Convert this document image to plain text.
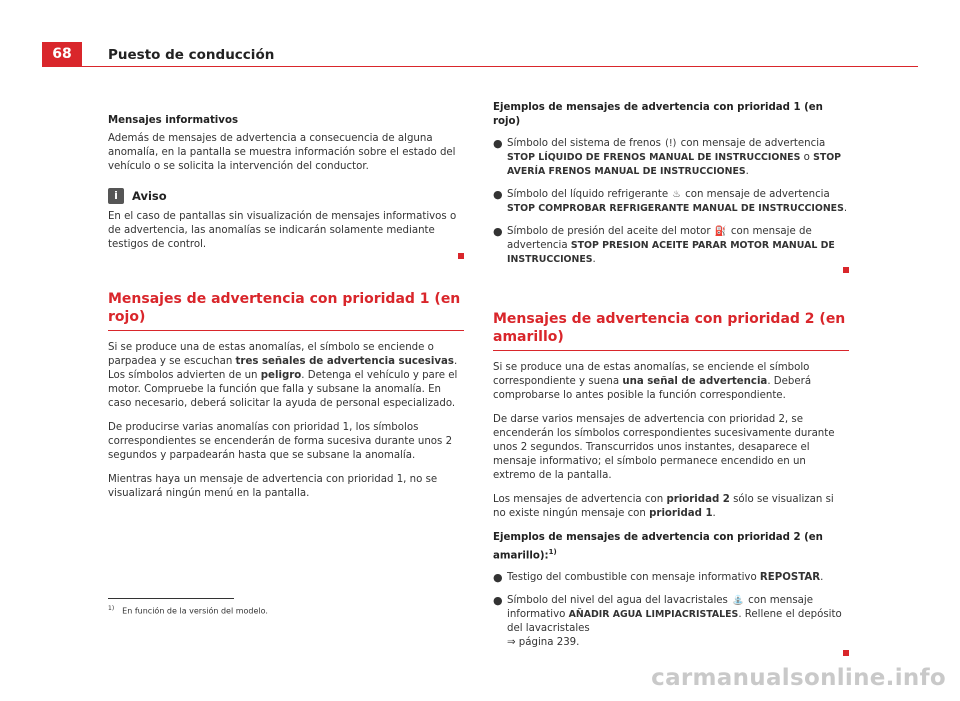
68	Puesto de conducción
Mensajes informativos

Además de mensajes de advertencia a consecuencia de alguna anomalía, en la pantalla se muestra información sobre el estado del vehículo o se solicita la intervención del conductor.

i	Aviso

En el caso de pantallas sin visualización de mensajes informativos o de advertencia, las anomalías se indicarán solamente mediante testigos de control.

Mensajes de advertencia con prioridad 1 (en rojo)

Si se produce una de estas anomalías, el símbolo se enciende o parpadea y se escuchan tres señales de advertencia sucesivas. Los símbolos advierten de un peligro. Detenga el vehículo y pare el motor. Compruebe la función que falla y subsane la anomalía. En caso necesario, deberá solicitar la ayuda de personal especializado.

De producirse varias anomalías con prioridad 1, los símbolos correspondientes se encenderán de forma sucesiva durante unos 2 segundos y parpadearán hasta que se subsane la anomalía.

Mientras haya un mensaje de advertencia con prioridad 1, no se visualizará ningún menú en la pantalla.

Ejemplos de mensajes de advertencia con prioridad 1 (en rojo)
● Símbolo del sistema de frenos (!) con mensaje de advertencia STOP LÍQUIDO DE FRENOS MANUAL DE INSTRUCCIONES o STOP AVERÍA FRENOS MANUAL DE INSTRUCCIONES.
● Símbolo del líquido refrigerante ♨ con mensaje de advertencia STOP COMPROBAR REFRIGERANTE MANUAL DE INSTRUCCIONES.
● Símbolo de presión del aceite del motor ⛽ con mensaje de advertencia STOP PRESION ACEITE PARAR MOTOR MANUAL DE INSTRUCCIONES.
Mensajes de advertencia con prioridad 2 (en amarillo)

Si se produce una de estas anomalías, se enciende el símbolo correspondiente y suena una señal de advertencia. Deberá comprobarse lo antes posible la función correspondiente.

De darse varios mensajes de advertencia con prioridad 2, se encenderán los símbolos correspondientes sucesivamente durante unos 2 segundos. Transcurridos unos instantes, desaparece el mensaje informativo; el símbolo permanece encendido en un extremo de la pantalla.

Los mensajes de advertencia con prioridad 2 sólo se visualizan si no existe ningún mensaje con prioridad 1.

Ejemplos de mensajes de advertencia con prioridad 2 (en amarillo):$^{1)}$
● Testigo del combustible con mensaje informativo REPOSTAR.
● Símbolo del nivel del agua del lavacristales ⛲ con mensaje informativo AÑADIR AGUA LIMPIACRISTALES. Rellene el depósito del lavacristales
⇒ página 239.
$^{1)}$ En función de la versión del modelo.
carmanualsonline.info
